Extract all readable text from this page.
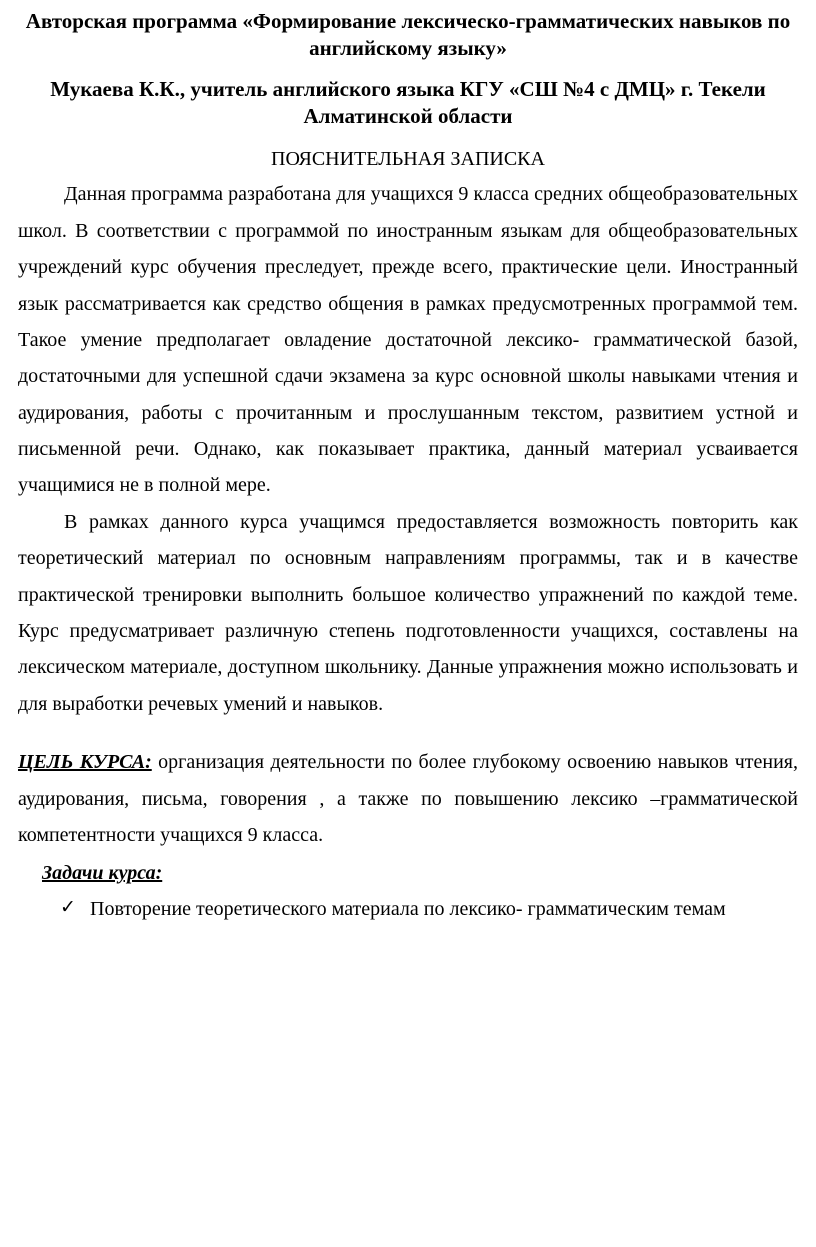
Авторская программа «Формирование лексическо-грамматических навыков по английскому языку»
Мукаева К.К., учитель английского языка КГУ «СШ №4 с ДМЦ» г. Текели Алматинской области
ПОЯСНИТЕЛЬНАЯ ЗАПИСКА

Данная программа разработана для учащихся 9 класса средних общеобразовательных школ. В соответствии с программой по иностранным языкам для общеобразовательных учреждений курс обучения преследует, прежде всего, практические цели. Иностранный язык рассматривается как средство общения в рамках предусмотренных программой тем. Такое умение предполагает овладение достаточной лексико- грамматической базой, достаточными для успешной сдачи экзамена за курс основной школы навыками чтения и аудирования, работы с прочитанным и прослушанным текстом, развитием устной и письменной речи. Однако, как показывает практика, данный материал усваивается учащимися не в полной мере.

В рамках данного курса учащимся предоставляется возможность повторить как теоретический материал по основным направлениям программы, так и в качестве практической тренировки выполнить большое количество упражнений по каждой теме. Курс предусматривает различную степень подготовленности учащихся, составлены на лексическом материале, доступном школьнику. Данные упражнения можно использовать и для выработки речевых умений и навыков.

ЦЕЛЬ КУРСА: организация деятельности по более глубокому освоению навыков чтения, аудирования, письма, говорения , а также по повышению лексико –грамматической компетентности учащихся 9 класса.

Задачи курса:
✓ Повторение теоретического материала по лексико- грамматическим темам
